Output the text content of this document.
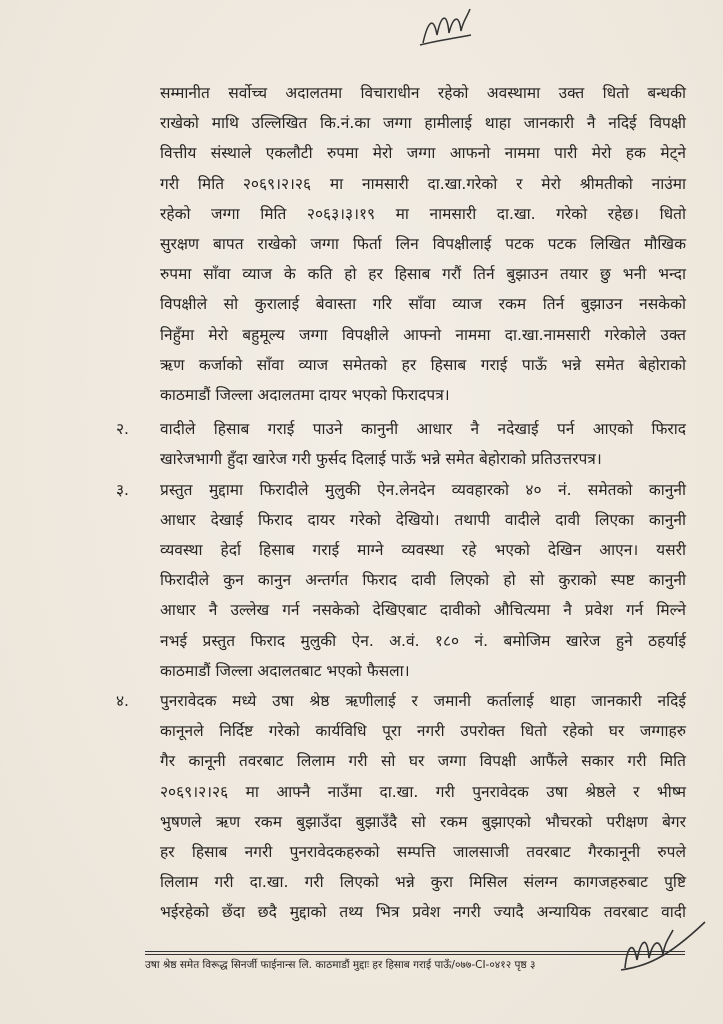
सम्मानीत सर्वोच्च अदालतमा विचाराधीन रहेको अवस्थामा उक्त धितो बन्धकी
राखेको माथि उल्लिखित कि.नं.का जग्गा हामीलाई थाहा जानकारी नै नदिई विपक्षी
वित्तीय संस्थाले एकलौटी रुपमा मेरो जग्गा आफनो नाममा पारी मेरो हक मेट्ने
गरी मिति २०६९।२।२६ मा नामसारी दा.खा.गरेको र मेरो श्रीमतीको नाउंमा
रहेको जग्गा मिति २०६३।३।१९ मा नामसारी दा.खा. गरेको रहेछ। धितो
सुरक्षण बापत राखेको जग्गा फिर्ता लिन विपक्षीलाई पटक पटक लिखित मौखिक
रुपमा साँवा व्याज के कति हो हर हिसाब गरौं तिर्न बुझाउन तयार छु भनी भन्दा
विपक्षीले सो कुरालाई बेवास्ता गरि साँवा व्याज रकम तिर्न बुझाउन नसकेको
निहुँमा मेरो बहुमूल्य जग्गा विपक्षीले आफ्नो नाममा दा.खा.नामसारी गरेकोले उक्त
ऋण कर्जाको साँवा व्याज समेतको हर हिसाब गराई पाऊँ भन्ने समेत बेहोराको
काठमाडौं जिल्ला अदालतमा दायर भएको फिरादपत्र।
२. वादीले हिसाब गराई पाउने कानुनी आधार नै नदेखाई पर्न आएको फिराद
खारेजभागी हुँदा खारेज गरी फुर्सद दिलाई पाऊँ भन्ने समेत बेहोराको प्रतिउत्तरपत्र।
३. प्रस्तुत मुद्दामा फिरादीले मुलुकी ऐन.लेनदेन व्यवहारको ४० नं. समेतको कानुनी
आधार देखाई फिराद दायर गरेको देखियो। तथापी वादीले दावी लिएका कानुनी
व्यवस्था हेर्दा हिसाब गराई माग्ने व्यवस्था रहे भएको देखिन आएन। यसरी
फिरादीले कुन कानुन अन्तर्गत फिराद दावी लिएको हो सो कुराको स्पष्ट कानुनी
आधार नै उल्लेख गर्न नसकेको देखिएबाट दावीको औचित्यमा नै प्रवेश गर्न मिल्ने
नभई प्रस्तुत फिराद मुलुकी ऐन. अ.वं. १८० नं. बमोजिम खारेज हुने ठहर्याई
काठमाडौं जिल्ला अदालतबाट भएको फैसला।
४. पुनरावेदक मध्ये उषा श्रेष्ठ ऋणीलाई र जमानी कर्तालाई थाहा जानकारी नदिई
कानूनले निर्दिष्ट गरेको कार्यविधि पूरा नगरी उपरोक्त धितो रहेको घर जग्गाहरु
गैर कानूनी तवरबाट लिलाम गरी सो घर जग्गा विपक्षी आफैंले सकार गरी मिति
२०६९।२।२६ मा आफ्नै नाउँमा दा.खा. गरी पुनरावेदक उषा श्रेष्ठले र भीष्म
भुषणले ऋण रकम बुझाउँदा बुझाउँदै सो रकम बुझाएको भौचरको परीक्षण बेगर
हर हिसाब नगरी पुनरावेदकहरुको सम्पत्ति जालसाजी तवरबाट गैरकानूनी रुपले
लिलाम गरी दा.खा. गरी लिएको भन्ने कुरा मिसिल संलग्न कागजहरुबाट पुष्टि
भईरहेको छँदा छदै मुद्दाको तथ्य भित्र प्रवेश नगरी ज्यादै अन्यायिक तवरबाट वादी
उषा श्रेष्ठ समेत विरूद्ध सिनर्जी फाईनान्स लि. काठमाडौं मुद्दाः हर हिसाब गराई पाऊँ/०७७-CI-०४१२ पृष्ठ ३
